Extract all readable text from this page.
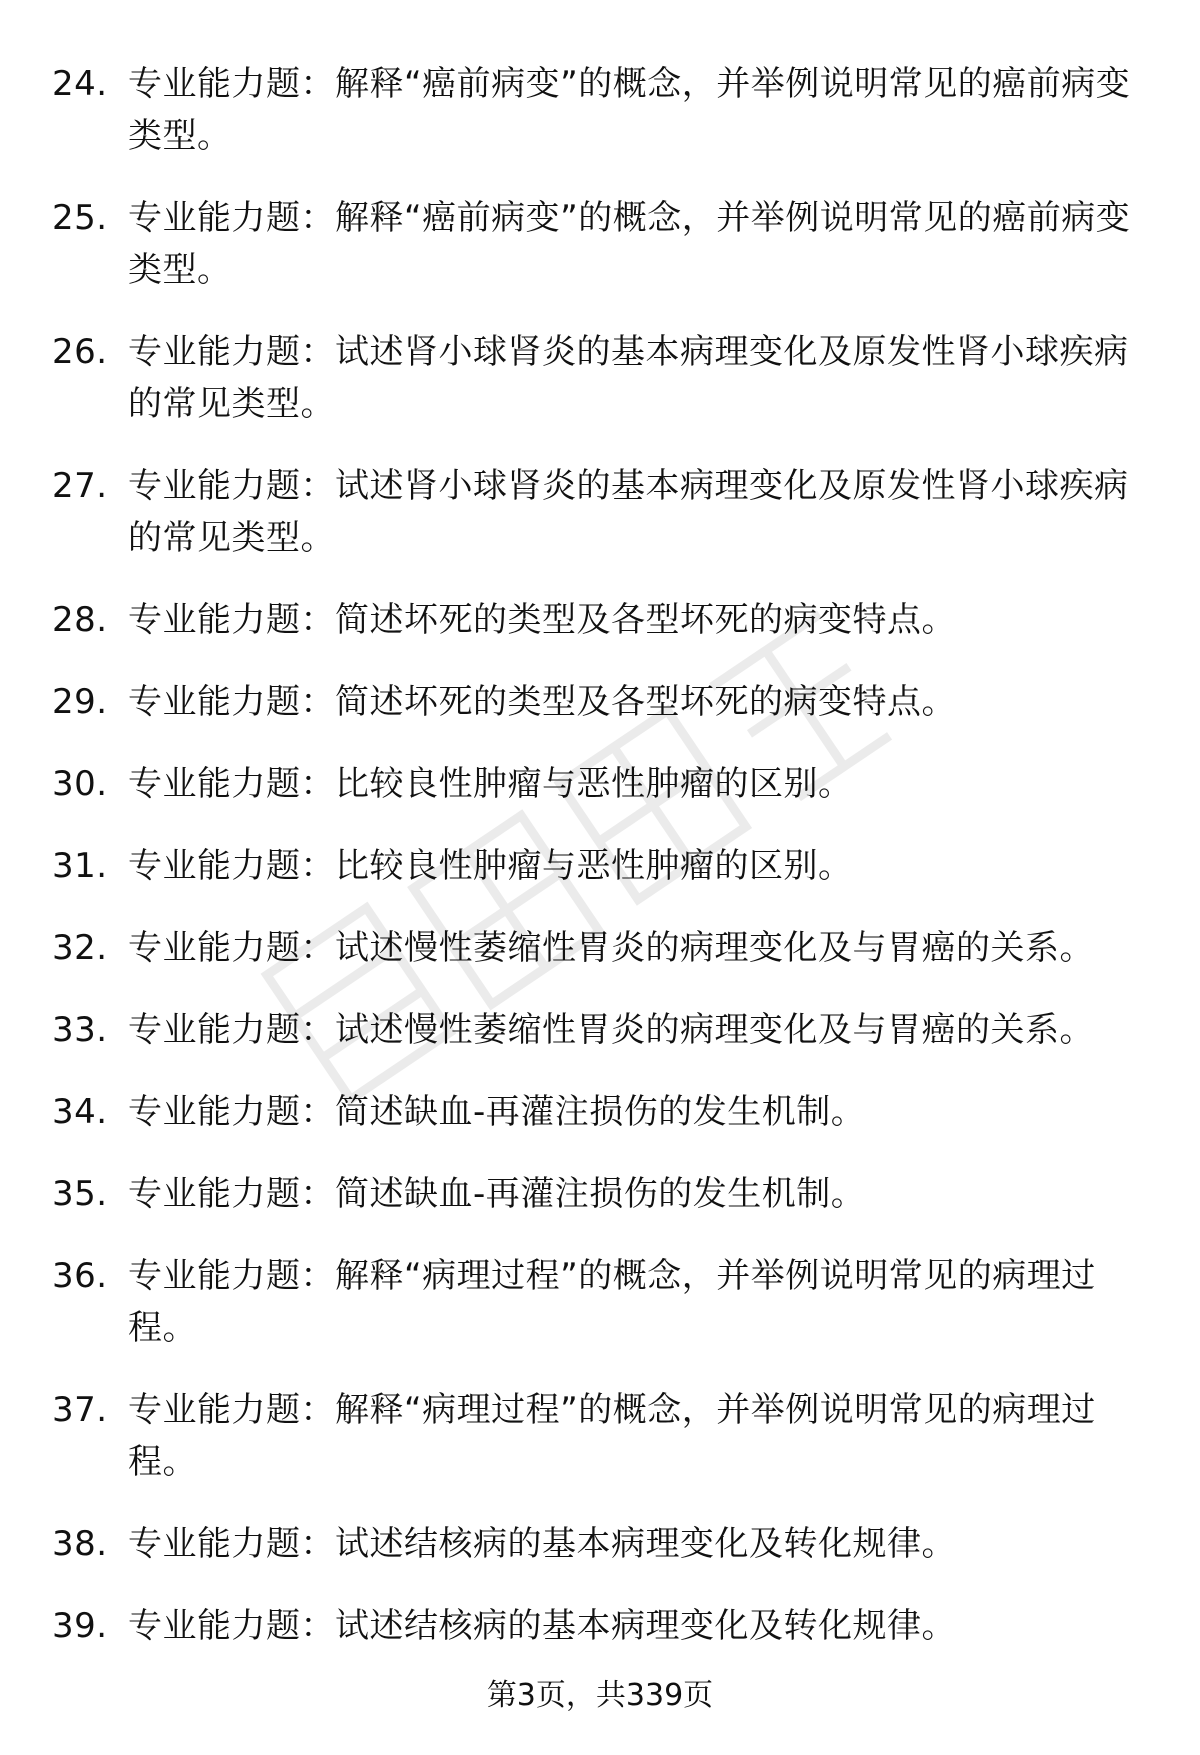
24. 专业能力题：解释“癌前病变”的概念，并举例说明常见的癌前病变类型。
25. 专业能力题：解释“癌前病变”的概念，并举例说明常见的癌前病变类型。
26. 专业能力题：试述肾小球肾炎的基本病理变化及原发性肾小球疾病的常见类型。
27. 专业能力题：试述肾小球肾炎的基本病理变化及原发性肾小球疾病的常见类型。
28. 专业能力题：简述坏死的类型及各型坏死的病变特点。
29. 专业能力题：简述坏死的类型及各型坏死的病变特点。
30. 专业能力题：比较良性肿瘤与恶性肿瘤的区别。
31. 专业能力题：比较良性肿瘤与恶性肿瘤的区别。
32. 专业能力题：试述慢性萎缩性胃炎的病理变化及与胃癌的关系。
33. 专业能力题：试述慢性萎缩性胃炎的病理变化及与胃癌的关系。
34. 专业能力题：简述缺血-再灌注损伤的发生机制。
35. 专业能力题：简述缺血-再灌注损伤的发生机制。
36. 专业能力题：解释“病理过程”的概念，并举例说明常见的病理过程。
37. 专业能力题：解释“病理过程”的概念，并举例说明常见的病理过程。
38. 专业能力题：试述结核病的基本病理变化及转化规律。
39. 专业能力题：试述结核病的基本病理变化及转化规律。
第3页，共339页
